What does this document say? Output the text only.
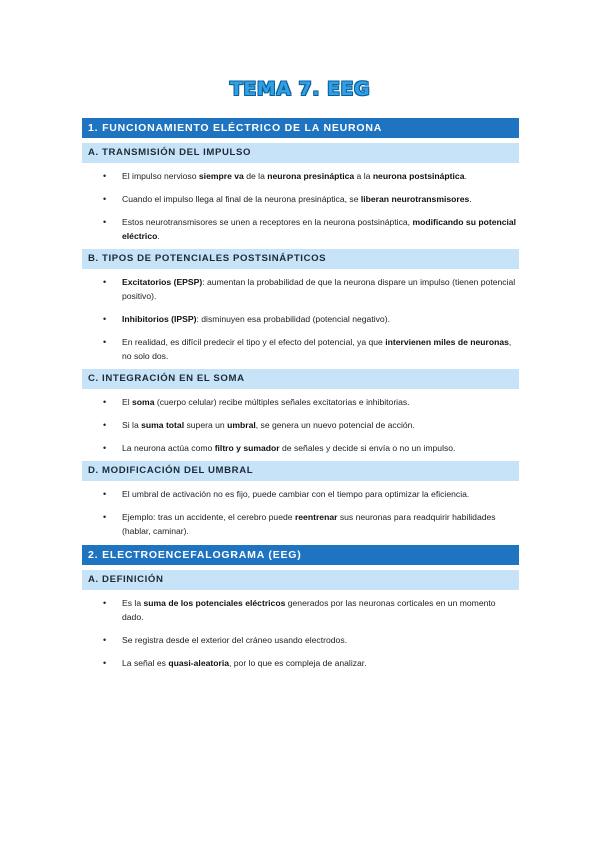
TEMA 7. EEG
1. FUNCIONAMIENTO ELÉCTRICO DE LA NEURONA
A. TRANSMISIÓN DEL IMPULSO
• El impulso nervioso siempre va de la neurona presináptica a la neurona postsináptica.
• Cuando el impulso llega al final de la neurona presináptica, se liberan neurotransmisores.
• Estos neurotransmisores se unen a receptores en la neurona postsináptica, modificando su potencial eléctrico.
B. TIPOS DE POTENCIALES POSTSINÁPTICOS
• Excitatorios (EPSP): aumentan la probabilidad de que la neurona dispare un impulso (tienen potencial positivo).
• Inhibitorios (IPSP): disminuyen esa probabilidad (potencial negativo).
• En realidad, es difícil predecir el tipo y el efecto del potencial, ya que intervienen miles de neuronas, no solo dos.
C. INTEGRACIÓN EN EL SOMA
• El soma (cuerpo celular) recibe múltiples señales excitatorias e inhibitorias.
• Si la suma total supera un umbral, se genera un nuevo potencial de acción.
• La neurona actúa como filtro y sumador de señales y decide si envía o no un impulso.
D. MODIFICACIÓN DEL UMBRAL
• El umbral de activación no es fijo, puede cambiar con el tiempo para optimizar la eficiencia.
• Ejemplo: tras un accidente, el cerebro puede reentrenar sus neuronas para readquirir habilidades (hablar, caminar).
2. ELECTROENCEFALOGRAMA (EEG)
A. DEFINICIÓN
• Es la suma de los potenciales eléctricos generados por las neuronas corticales en un momento dado.
• Se registra desde el exterior del cráneo usando electrodos.
• La señal es quasi-aleatoria, por lo que es compleja de analizar.
